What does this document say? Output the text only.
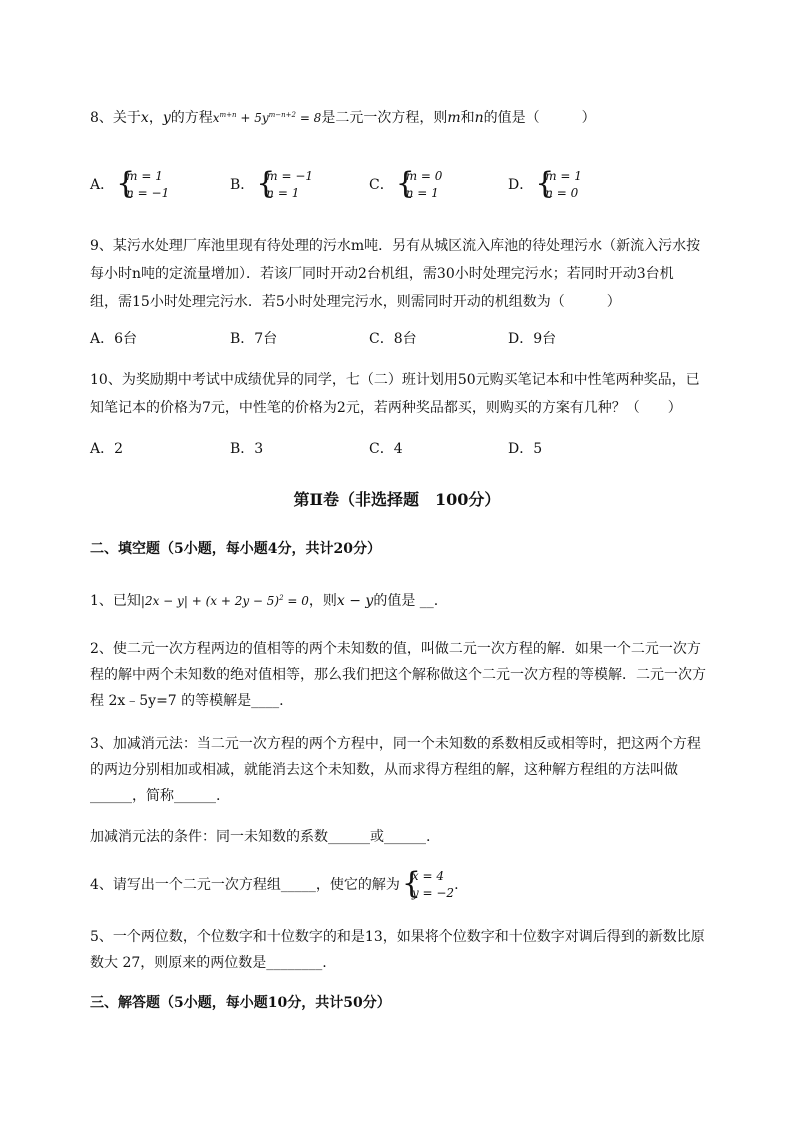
8、关于x，y的方程$x^{m+n} + 5y^{m-n+2} = 8$是二元一次方程，则m和n的值是（　　　）
A． {
m = 1
n = −1	B． {
m = −1
n = 1	C． {
m = 0
n = 1	D． {
m = 1
n = 0
9、某污水处理厂库池里现有待处理的污水m吨．另有从城区流入库池的待处理污水（新流入污水按
每小时n吨的定流量增加）．若该厂同时开动2台机组，需30小时处理完污水；若同时开动3台机
组，需15小时处理完污水．若5小时处理完污水，则需同时开动的机组数为（　　　）
A．6台	B．7台	C．8台	D．9台
10、为奖励期中考试中成绩优异的同学，七（二）班计划用50元购买笔记本和中性笔两种奖品，已
知笔记本的价格为7元，中性笔的价格为2元，若两种奖品都买，则购买的方案有几种？（　　）
A．2	B．3	C．4	D．5
第Ⅱ卷（非选择题　100分）
二、填空题（5小题，每小题4分，共计20分）
1、已知$|2x - y| + (x + 2y - 5)^2 = 0$，则x − y的值是 __.
2、使二元一次方程两边的值相等的两个未知数的值，叫做二元一次方程的解．如果一个二元一次方
程的解中两个未知数的绝对值相等，那么我们把这个解称做这个二元一次方程的等模解．二元一次方
程 2x﹣5y=7 的等模解是____.
3、加减消元法：当二元一次方程的两个方程中，同一个未知数的系数相反或相等时，把这两个方程
的两边分别相加或相减，就能消去这个未知数，从而求得方程组的解，这种解方程组的方法叫做
______，简称______.
加减消元法的条件：同一未知数的系数______或______.
4、请写出一个二元一次方程组_____，使它的解为 {
x = 4
y = −2 .
5、一个两位数，个位数字和十位数字的和是13，如果将个位数字和十位数字对调后得到的新数比原
数大 27，则原来的两位数是________.
三、解答题（5小题，每小题10分，共计50分）
